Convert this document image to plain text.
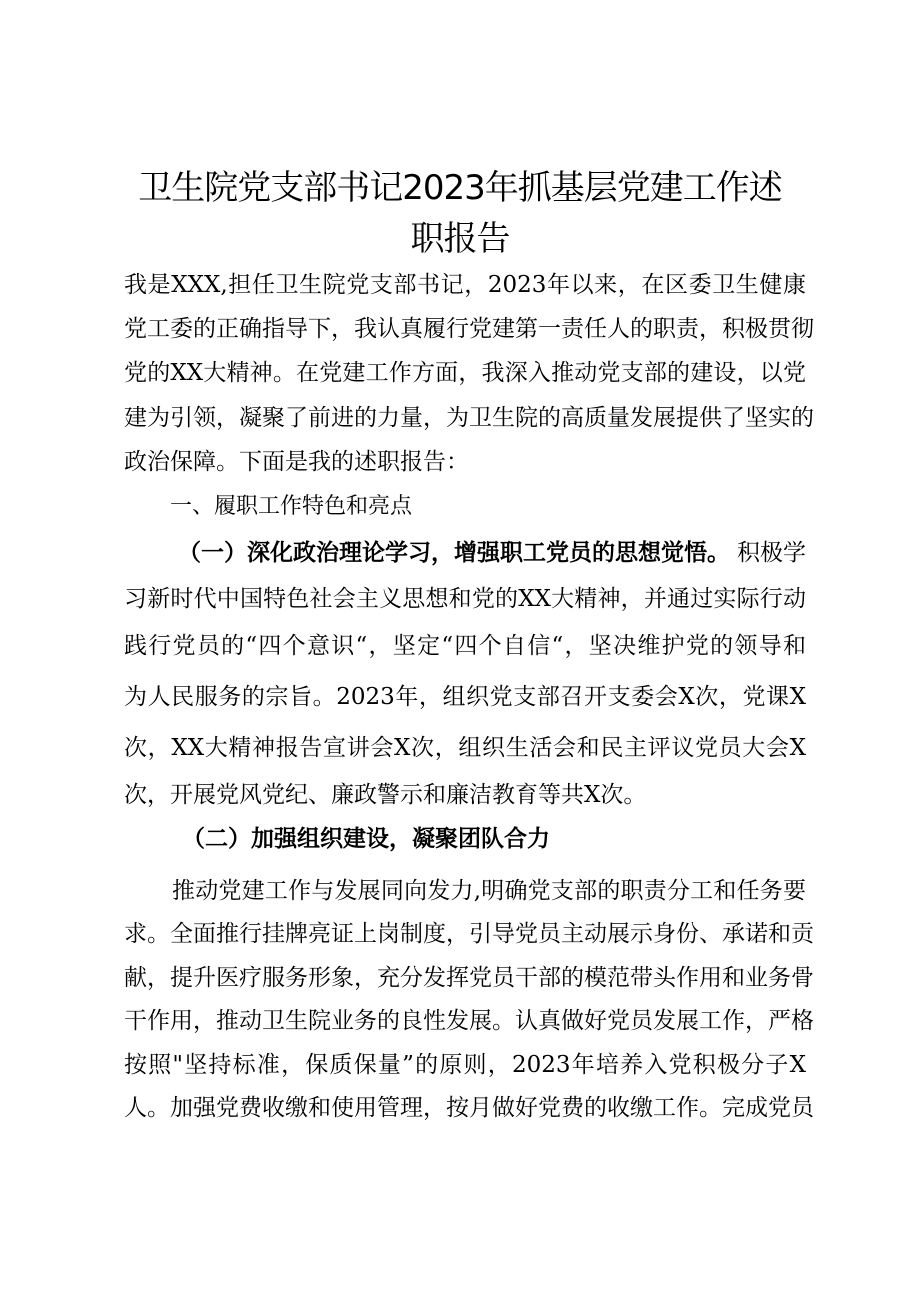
卫生院党支部书记2023年抓基层党建工作述
职报告

我是XXX,担任卫生院党支部书记，2023年以来，在区委卫生健康

党工委的正确指导下，我认真履行党建第一责任人的职责，积极贯彻

党的XX大精神。在党建工作方面，我深入推动党支部的建设，以党

建为引领，凝聚了前进的力量，为卫生院的高质量发展提供了坚实的

政治保障。下面是我的述职报告：

一、履职工作特色和亮点

（一）深化政治理论学习，增强职工党员的思想觉悟。 积极学

习新时代中国特色社会主义思想和党的XX大精神，并通过实际行动

践行党员的“四个意识“，坚定“四个自信“，坚决维护党的领导和

为人民服务的宗旨。2023年，组织党支部召开支委会X次，党课X

次，XX大精神报告宣讲会X次，组织生活会和民主评议党员大会X

次，开展党风党纪、廉政警示和廉洁教育等共X次。

（二）加强组织建设，凝聚团队合力

推动党建工作与发展同向发力,明确党支部的职责分工和任务要

求。全面推行挂牌亮证上岗制度，引导党员主动展示身份、承诺和贡

献，提升医疗服务形象，充分发挥党员干部的模范带头作用和业务骨

干作用，推动卫生院业务的良性发展。认真做好党员发展工作，严格

按照"坚持标准，保质保量”的原则，2023年培养入党积极分子X

人。加强党费收缴和使用管理，按月做好党费的收缴工作。完成党员
